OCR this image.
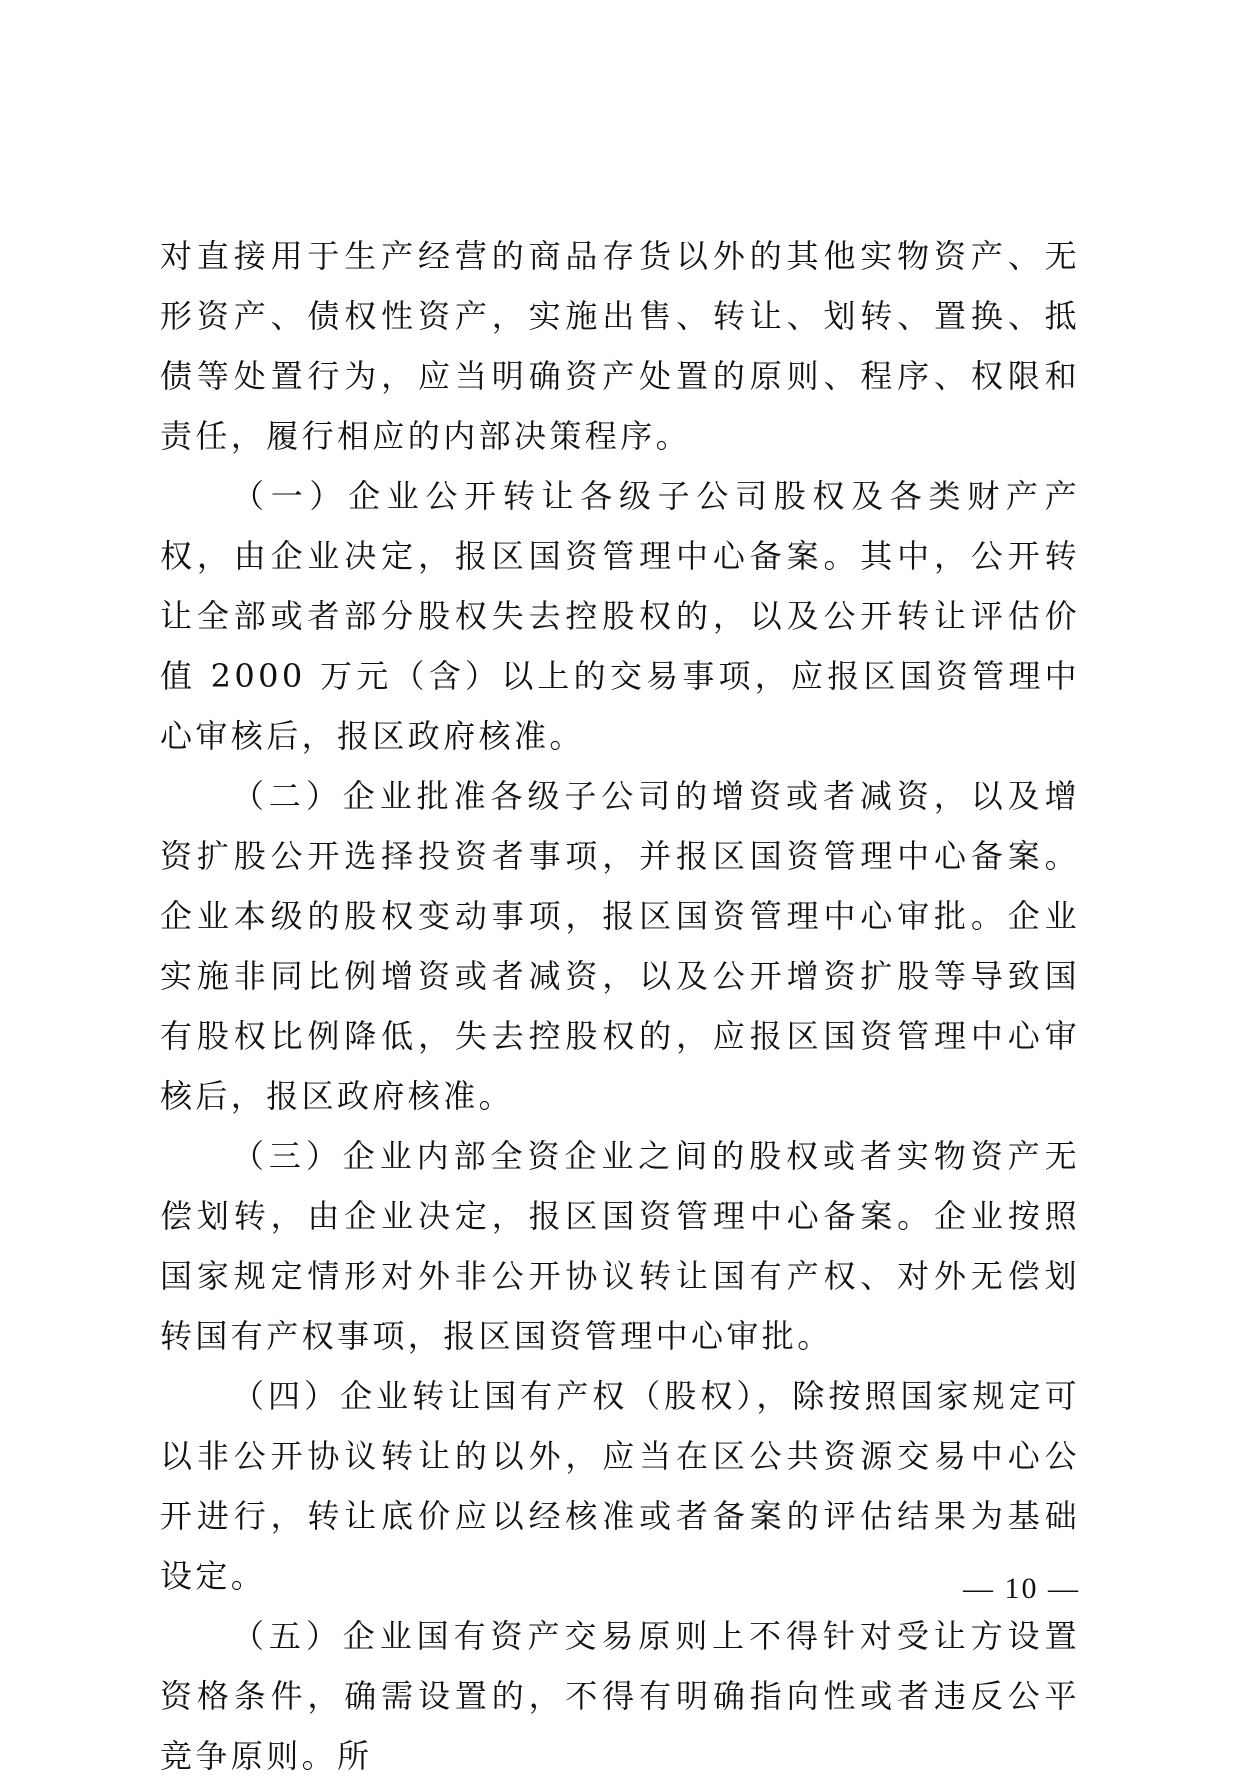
对直接用于生产经营的商品存货以外的其他实物资产、无形资产、债权性资产，实施出售、转让、划转、置换、抵债等处置行为，应当明确资产处置的原则、程序、权限和责任，履行相应的内部决策程序。

（一）企业公开转让各级子公司股权及各类财产产权，由企业决定，报区国资管理中心备案。其中，公开转让全部或者部分股权失去控股权的，以及公开转让评估价值 2000 万元（含）以上的交易事项，应报区国资管理中心审核后，报区政府核准。

（二）企业批准各级子公司的增资或者减资，以及增资扩股公开选择投资者事项，并报区国资管理中心备案。企业本级的股权变动事项，报区国资管理中心审批。企业实施非同比例增资或者减资，以及公开增资扩股等导致国有股权比例降低，失去控股权的，应报区国资管理中心审核后，报区政府核准。

（三）企业内部全资企业之间的股权或者实物资产无偿划转，由企业决定，报区国资管理中心备案。企业按照国家规定情形对外非公开协议转让国有产权、对外无偿划转国有产权事项，报区国资管理中心审批。

（四）企业转让国有产权（股权），除按照国家规定可以非公开协议转让的以外，应当在区公共资源交易中心公开进行，转让底价应以经核准或者备案的评估结果为基础设定。

（五）企业国有资产交易原则上不得针对受让方设置资格条件，确需设置的，不得有明确指向性或者违反公平竞争原则。所

— 10 —
